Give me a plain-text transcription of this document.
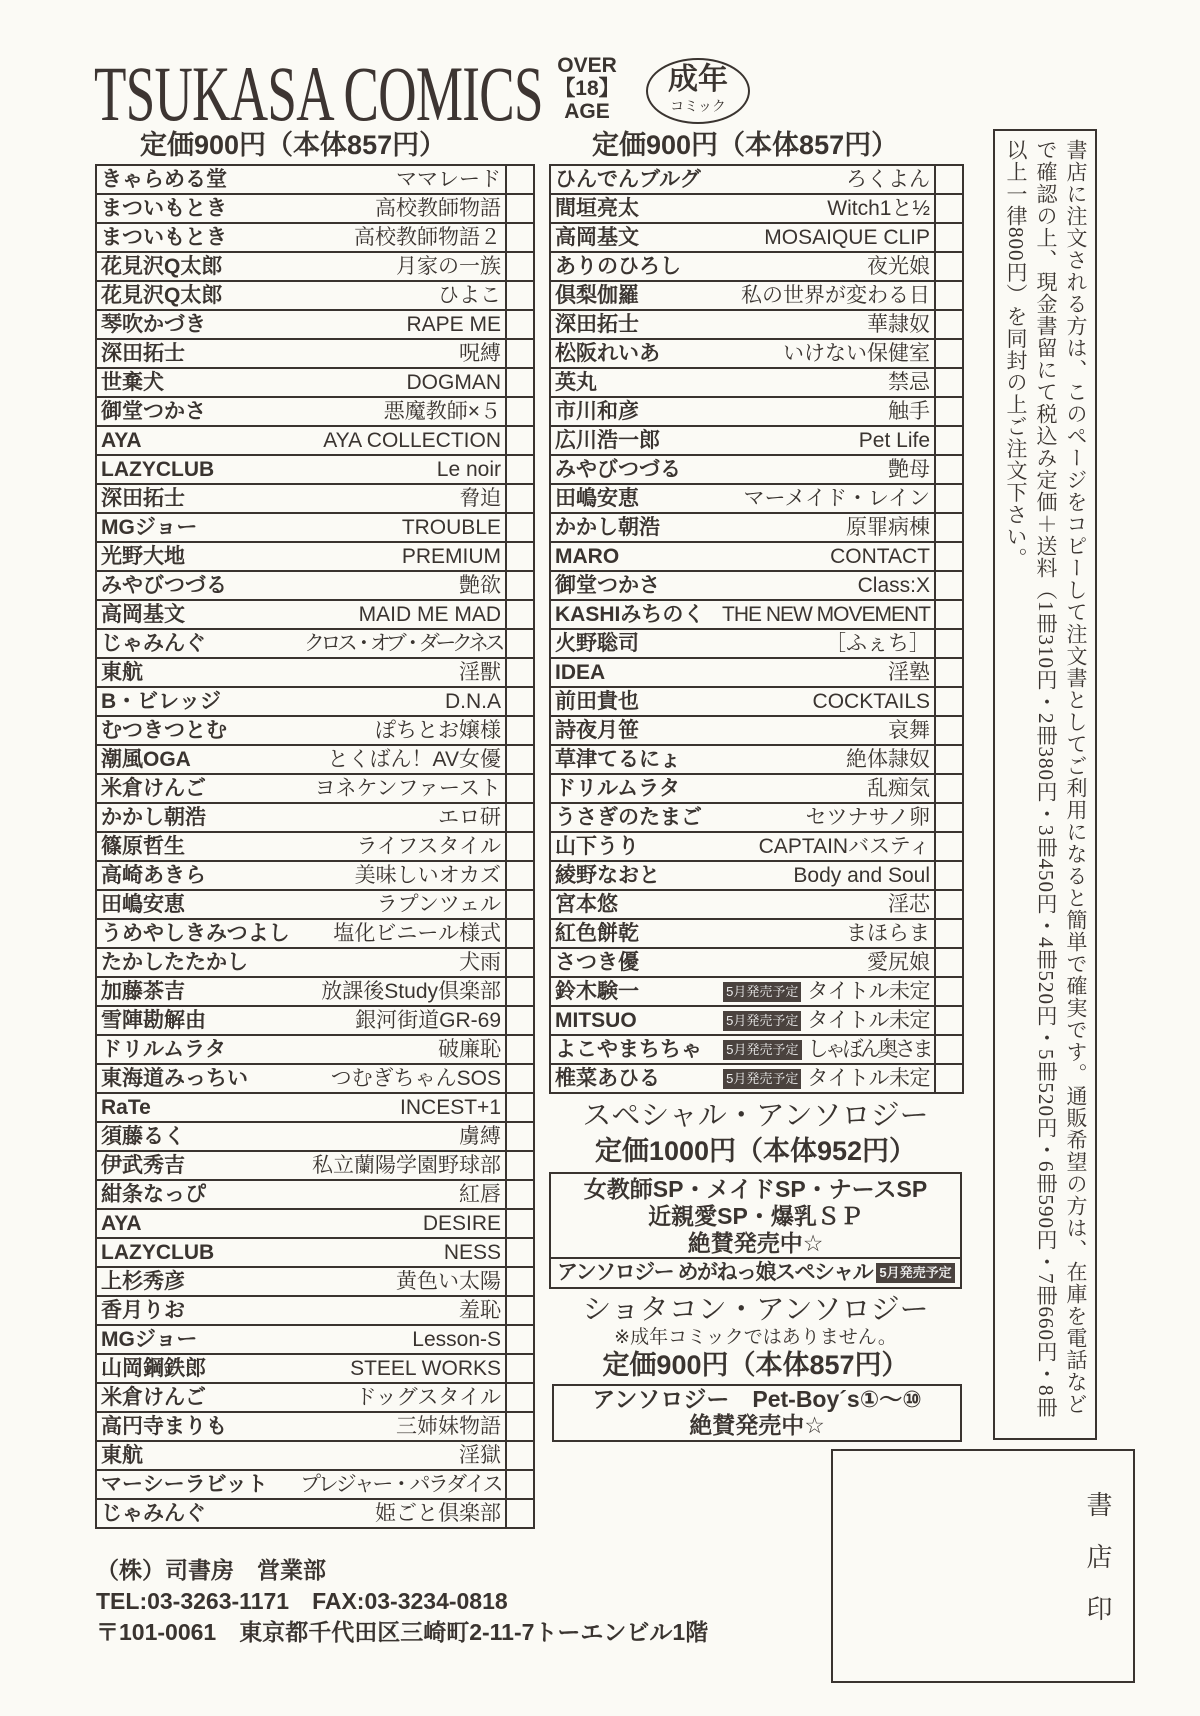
TSUKASA COMICS OVER
【18】
AGE
成年
コミック
定価900円（本体857円）	定価900円（本体857円）
きゃらめる堂	ママレード	
まついもとき	高校教師物語	
まついもとき	高校教師物語２	
花見沢Q太郎	月家の一族	
花見沢Q太郎	ひよこ	
琴吹かづき	RAPE ME	
深田拓士	呪縛	
世棄犬	DOGMAN	
御堂つかさ	悪魔教師×５	
AYA	AYA COLLECTION	
LAZYCLUB	Le noir	
深田拓士	脅迫	
MGジョー	TROUBLE	
光野大地	PREMIUM	
みやびつづる	艶欲	
高岡基文	MAID ME MAD	
じゃみんぐ	クロス・オブ・ダークネス	
東航	淫獸	
B・ビレッジ	D.N.A	
むつきつとむ	ぽちとお嬢様	
潮風OGA	とくばん！AV女優	
米倉けんご	ヨネケンファースト	
かかし朝浩	エロ研	
篠原哲生	ライフスタイル	
高崎あきら	美味しいオカズ	
田嶋安恵	ラプンツェル	
うめやしきみつよし	塩化ビニール様式	
たかしたたかし	犬雨	
加藤茶吉	放課後Study倶楽部	
雪陣勘解由	銀河街道GR-69	
ドリルムラタ	破廉恥	
東海道みっちい	つむぎちゃんSOS	
RaTe	INCEST+1	
須藤るく	虜縛	
伊武秀吉	私立蘭陽学園野球部	
紺条なっぴ	紅唇	
AYA	DESIRE	
LAZYCLUB	NESS	
上杉秀彦	黄色い太陽	
香月りお	羞恥	
MGジョー	Lesson-S	
山岡鋼鉄郎	STEEL WORKS	
米倉けんご	ドッグスタイル	
高円寺まりも	三姉妹物語	
東航	淫獄	
マーシーラビット	プレジャー・パラダイス	
じゃみんぐ	姫ごと倶楽部	
ひんでんブルグ	ろくよん	
間垣亮太	Witch1と½	
高岡基文	MOSAIQUE CLIP	
ありのひろし	夜光娘	
倶梨伽羅	私の世界が変わる日	
深田拓士	華隷奴	
松阪れいあ	いけない保健室	
英丸	禁忌	
市川和彦	触手	
広川浩一郎	Pet Life	
みやびつづる	艶母	
田嶋安恵	マーメイド・レイン	
かかし朝浩	原罪病棟	
MARO	CONTACT	
御堂つかさ	Class:X	
KASHIみちのく	THE NEW MOVEMENT	
火野聡司	［ふぇち］	
IDEA	淫塾	
前田貴也	COCKTAILS	
詩夜月笹	哀舞	
草津てるにょ	絶体隷奴	
ドリルムラタ	乱痴気	
うさぎのたまご	セツナサノ卵	
山下うり	CAPTAINバスティ	
綾野なおと	Body and Soul	
宮本悠	淫芯	
紅色餅乾	まほらま	
さつき優	愛尻娘	
鈴木験一	5月発売予定 タイトル未定	
MITSUO	5月発売予定 タイトル未定	
よこやまちちゃ	5月発売予定 しゃぼん奥さま	
椎菜あひる	5月発売予定 タイトル未定	
スペシャル・アンソロジー
定価1000円（本体952円）
女教師SP・メイドSP・ナースSP
近親愛SP・爆乳ＳＰ
絶賛発売中☆
アンソロジー めがねっ娘スペシャル 5月発売予定
ショタコン・アンソロジー
※成年コミックではありません。
定価900円（本体857円）
アンソロジー　Pet-Boy´s①〜⑩
絶賛発売中☆
書店に注文される方は、このページをコピーして注文書としてご利用になると簡単で確実です。通販希望の方は、在庫を電話などで確認の上、現金書留にて税込み定価＋送料（1冊310円・2冊380円・3冊450円・4冊520円・5冊520円・6冊590円・7冊660円・8冊以上一律800円）を同封の上ご注文下さい。
書店印
（株）司書房　営業部
TEL:03-3263-1171　FAX:03-3234-0818
〒101-0061　東京都千代田区三崎町2-11-7トーエンビル1階
